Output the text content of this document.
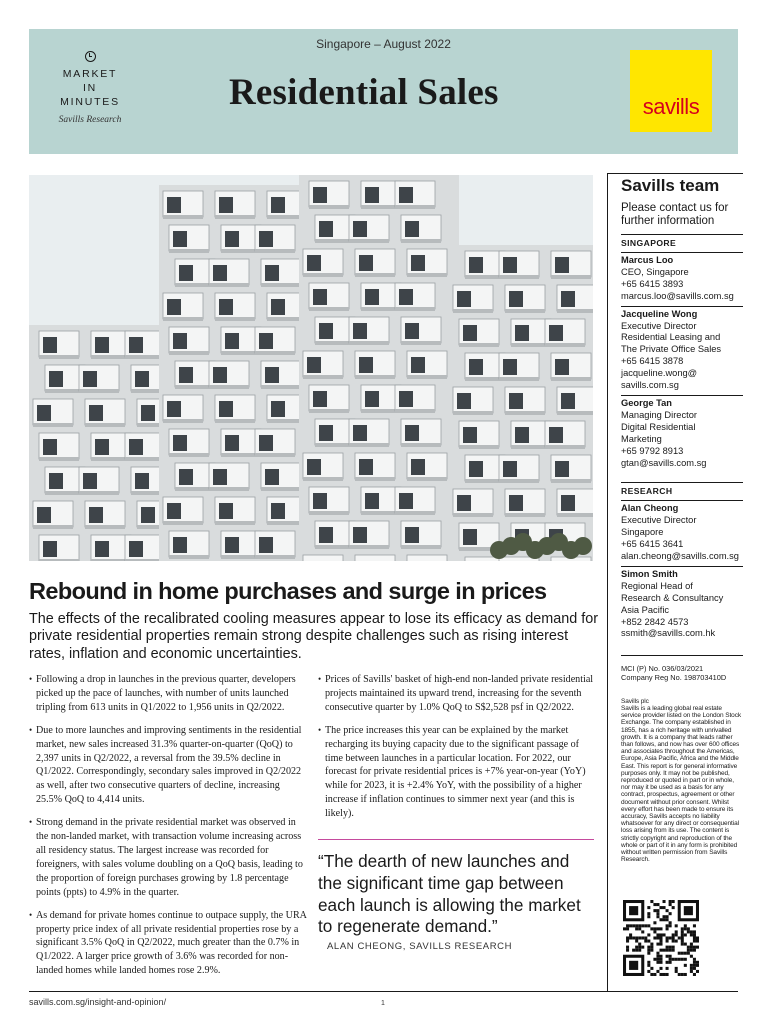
Singapore – August 2022
MARKET
IN
MINUTES
Savills Research
Residential Sales	savills
Rebound in home purchases and surge in prices
The effects of the recalibrated cooling measures appear to lose its efficacy as demand for private residential properties remain strong despite challenges such as rising interest rates, inflation and economic uncertainties.

• Following a drop in launches in the previous quarter, developers picked up the pace of launches, with number of units launched tripling from 613 units in Q1/2022 to 1,956 units in Q2/2022.

• Due to more launches and improving sentiments in the residential market, new sales increased 31.3% quarter-on-quarter (QoQ) to 2,397 units in Q2/2022, a reversal from the 39.5% decline in Q1/2022. Correspondingly, secondary sales improved in Q2/2022 as well, after two consecutive quarters of decline, increasing 25.5% QoQ to 4,414 units.

• Strong demand in the private residential market was observed in the non-landed market, with transaction volume increasing across all residency status. The largest increase was recorded for foreigners, with sales volume doubling on a QoQ basis, leading to the proportion of foreign purchases growing by 1.8 percentage points (ppts) to 4.9% in the quarter.

• As demand for private homes continue to outpace supply, the URA property price index of all private residential properties rose by a significant 3.5% QoQ in Q2/2022, much greater than the 0.7% in Q1/2022. A larger price growth of 3.6% was recorded for non-landed homes while landed homes rose 2.9%.

• Prices of Savills' basket of high-end non-landed private residential projects maintained its upward trend, increasing for the seventh consecutive quarter by 1.0% QoQ to S$2,528 psf in Q2/2022.

• The price increases this year can be explained by the market recharging its buying capacity due to the significant passage of time between launches in a particular location. For 2022, our forecast for private residential prices is +7% year-on-year (YoY) while for 2023, it is +2.4% YoY, with the possibility of a higher increase if inflation continues to simmer next year (and this is likely).

“The dearth of new launches and the significant time gap between each launch is allowing the market to regenerate demand.”
ALAN CHEONG, SAVILLS RESEARCH
Savills team
Please contact us for further information
SINGAPORE
Marcus Loo
CEO, Singapore
+65 6415 3893
marcus.loo@savills.com.sg
Jacqueline Wong
Executive Director
Residential Leasing and
The Private Office Sales
+65 6415 3878
jacqueline.wong@
savills.com.sg
George Tan
Managing Director
Digital Residential
Marketing
+65 9792 8913
gtan@savills.com.sg
RESEARCH
Alan Cheong
Executive Director
Singapore
+65 6415 3641
alan.cheong@savills.com.sg
Simon Smith
Regional Head of
Research & Consultancy
Asia Pacific
+852 2842 4573
ssmith@savills.com.hk
MCI (P) No. 036/03/2021
Company Reg No. 198703410D
Savills plc
Savills is a leading global real estate service provider listed on the London Stock Exchange. The company established in 1855, has a rich heritage with unrivalled growth. It is a company that leads rather than follows, and now has over 600 offices and associates throughout the Americas, Europe, Asia Pacific, Africa and the Middle East. This report is for general informative purposes only. It may not be published, reproduced or quoted in part or in whole, nor may it be used as a basis for any contract, prospectus, agreement or other document without prior consent. Whilst every effort has been made to ensure its accuracy, Savills accepts no liability whatsoever for any direct or consequential loss arising from its use. The content is strictly copyright and reproduction of the whole or part of it in any form is prohibited without written permission from Savills Research.
savills.com.sg/insight-and-opinion/	1
